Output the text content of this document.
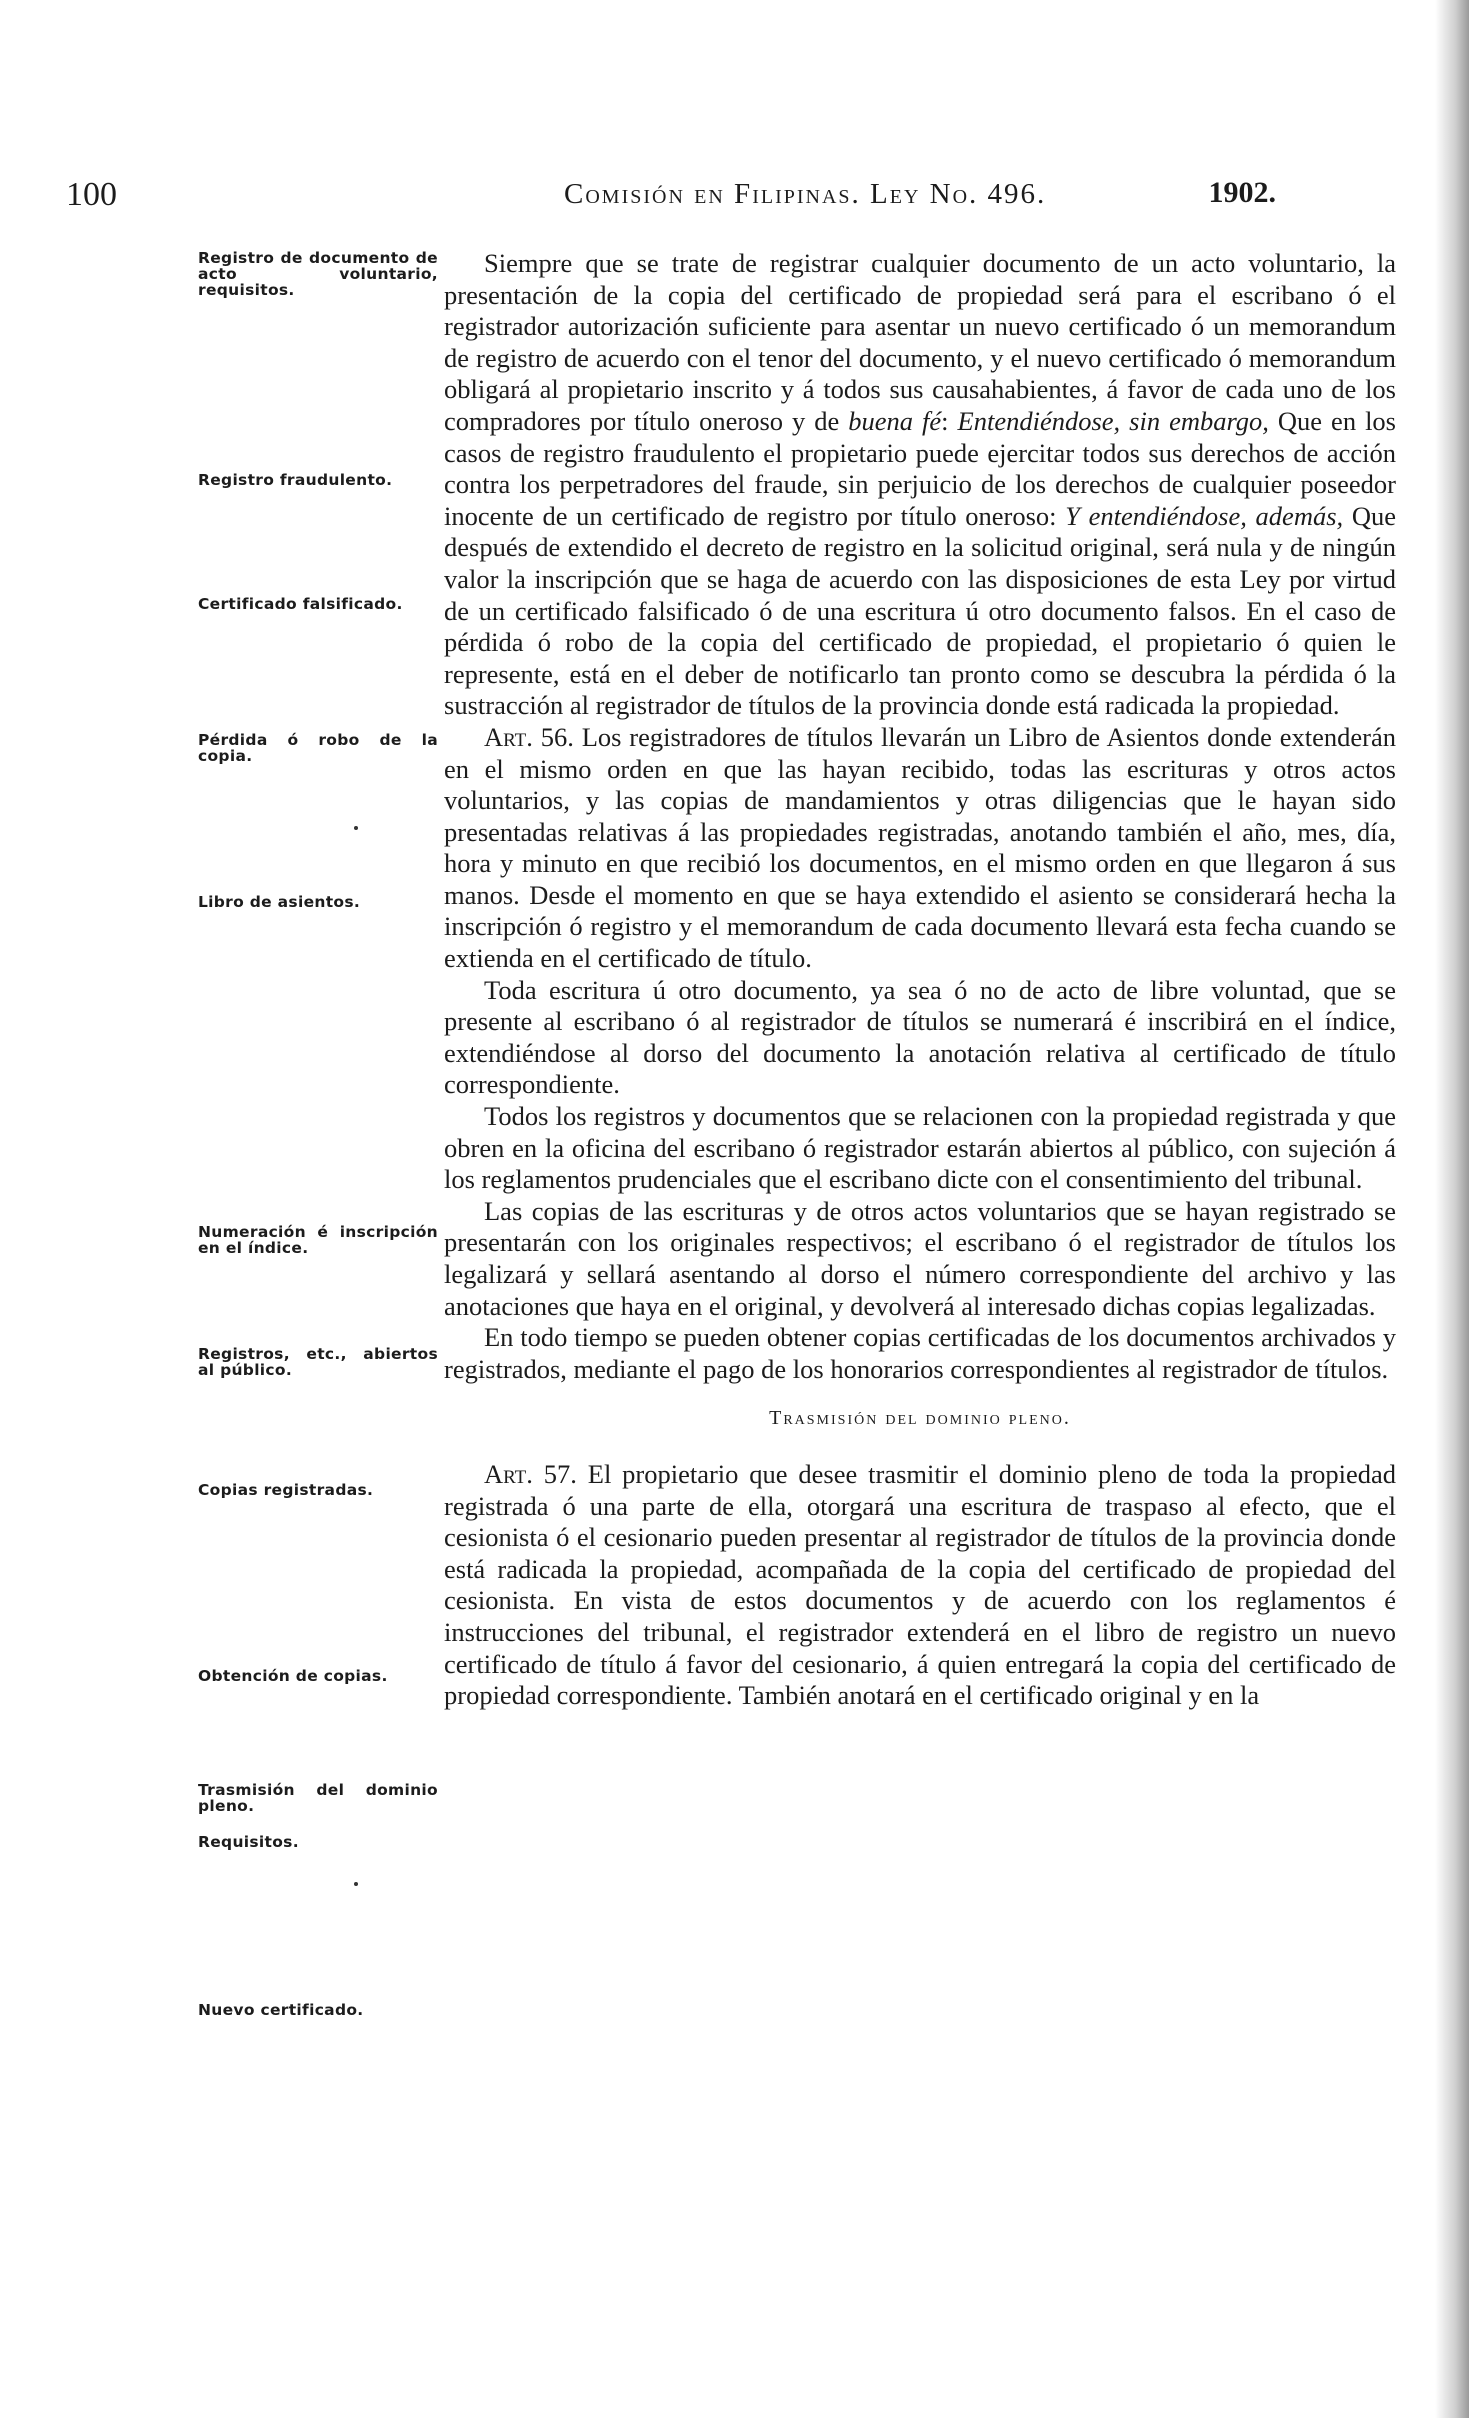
100	Comisión en Filipinas. Ley No. 496.	1902.
Registro de documento de acto voluntario, requisitos.
Registro fraudulento.
Certificado falsificado.
Pérdida ó robo de la copia.
Libro de asientos.
Numeración é inscripción en el índice.
Registros, etc., abiertos al público.
Copias registradas.
Obtención de copias.
Trasmisión del dominio pleno.
Requisitos.
Nuevo certificado.

Siempre que se trate de registrar cualquier documento de un acto voluntario, la presentación de la copia del certificado de propiedad será para el escribano ó el registrador autorización suficiente para asentar un nuevo certificado ó un memorandum de registro de acuerdo con el tenor del documento, y el nuevo certificado ó memorandum obligará al propietario inscrito y á todos sus causahabientes, á favor de cada uno de los compradores por título oneroso y de buena fé: Entendiéndose, sin embargo, Que en los casos de registro fraudulento el propietario puede ejercitar todos sus derechos de acción contra los perpetradores del fraude, sin perjuicio de los derechos de cualquier poseedor inocente de un certificado de registro por título oneroso: Y entendiéndose, además, Que después de extendido el decreto de registro en la solicitud original, será nula y de ningún valor la inscripción que se haga de acuerdo con las disposiciones de esta Ley por virtud de un certificado falsificado ó de una escritura ú otro documento falsos. En el caso de pérdida ó robo de la copia del certificado de propiedad, el propietario ó quien le represente, está en el deber de notificarlo tan pronto como se descubra la pérdida ó la sustracción al registrador de títulos de la provincia donde está radicada la propiedad.

Art. 56. Los registradores de títulos llevarán un Libro de Asientos donde extenderán en el mismo orden en que las hayan recibido, todas las escrituras y otros actos voluntarios, y las copias de mandamientos y otras diligencias que le hayan sido presentadas relativas á las propiedades registradas, anotando también el año, mes, día, hora y minuto en que recibió los documentos, en el mismo orden en que llegaron á sus manos. Desde el momento en que se haya extendido el asiento se considerará hecha la inscripción ó registro y el memorandum de cada documento llevará esta fecha cuando se extienda en el certificado de título.

Toda escritura ú otro documento, ya sea ó no de acto de libre voluntad, que se presente al escribano ó al registrador de títulos se numerará é inscribirá en el índice, extendiéndose al dorso del documento la anotación relativa al certificado de título correspondiente.

Todos los registros y documentos que se relacionen con la propiedad registrada y que obren en la oficina del escribano ó registrador estarán abiertos al público, con sujeción á los reglamentos prudenciales que el escribano dicte con el consentimiento del tribunal.

Las copias de las escrituras y de otros actos voluntarios que se hayan registrado se presentarán con los originales respectivos; el escribano ó el registrador de títulos los legalizará y sellará asentando al dorso el número correspondiente del archivo y las anotaciones que haya en el original, y devolverá al interesado dichas copias legalizadas.

En todo tiempo se pueden obtener copias certificadas de los documentos archivados y registrados, mediante el pago de los honorarios correspondientes al registrador de títulos.

Trasmisión del dominio pleno.

Art. 57. El propietario que desee trasmitir el dominio pleno de toda la propiedad registrada ó una parte de ella, otorgará una escritura de traspaso al efecto, que el cesionista ó el cesionario pueden presentar al registrador de títulos de la provincia donde está radicada la propiedad, acompañada de la copia del certificado de propiedad del cesionista. En vista de estos documentos y de acuerdo con los reglamentos é instrucciones del tribunal, el registrador extenderá en el libro de registro un nuevo certificado de título á favor del cesionario, á quien entregará la copia del certificado de propiedad correspondiente. También anotará en el certificado original y en la
